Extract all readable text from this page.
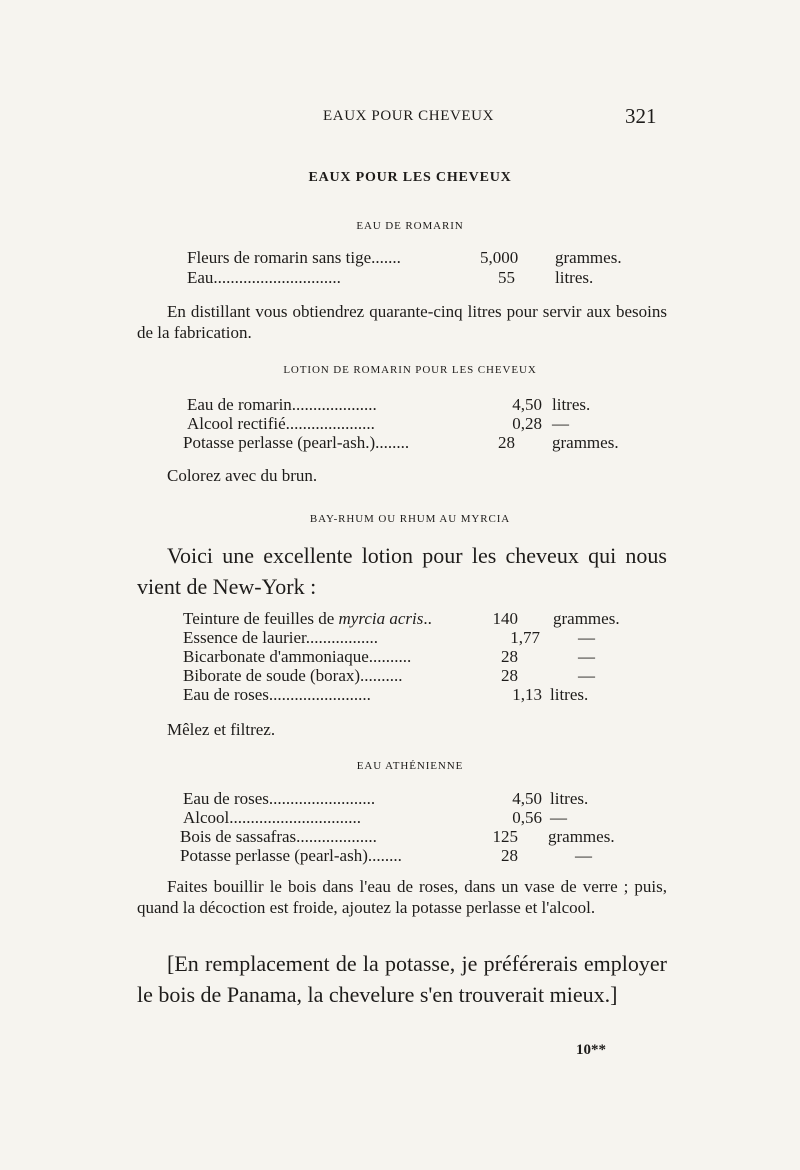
EAUX POUR CHEVEUX	321
EAUX POUR LES CHEVEUX
EAU DE ROMARIN
Fleurs de romarin sans tige.......	5,000 grammes.
Eau..............................	55 litres.
En distillant vous obtiendrez quarante-cinq litres pour servir aux besoins de la fabrication.
LOTION DE ROMARIN POUR LES CHEVEUX
Eau de romarin....................	4,50 litres.
Alcool rectifié.....................	0,28 —
Potasse perlasse (pearl-ash.)........	28 grammes.
Colorez avec du brun.
BAY-RHUM OU RHUM AU MYRCIA
Voici une excellente lotion pour les cheveux qui nous vient de New-York :
Teinture de feuilles de myrcia acris..	140 grammes.
Essence de laurier.................	1,77 —
Bicarbonate d'ammoniaque..........	28	—
Biborate de soude (borax)..........	28	—
Eau de roses........................	1,13 litres.
Mêlez et filtrez.
EAU ATHÉNIENNE
Eau de roses.........................	4,50 litres.
Alcool...............................	0,56 —
Bois de sassafras...................	125 grammes.
Potasse perlasse (pearl-ash)........	28	—
Faites bouillir le bois dans l'eau de roses, dans un vase de verre ; puis, quand la décoction est froide, ajoutez la potasse perlasse et l'alcool.
[En remplacement de la potasse, je préférerais employer le bois de Panama, la chevelure s'en trouverait mieux.]
10**
